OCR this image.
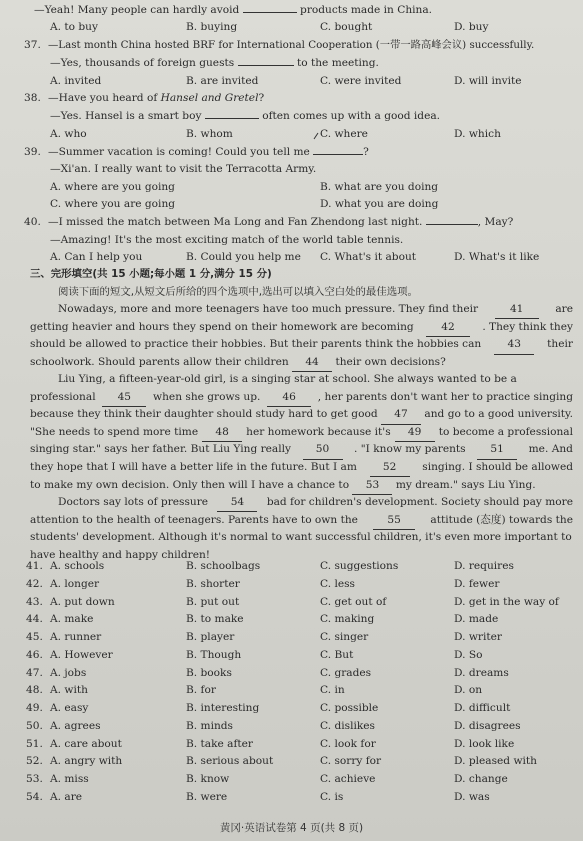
—Yeah! Many people can hardly avoid	products made in China.
A. to buy	B. buying	C. bought	D. buy
37. —Last month China hosted BRF for International Cooperation (一带一路高峰会议) successfully.
—Yes, thousands of foreign guests	to the meeting.
A. invited	B. are invited	C. were invited	D. will invite
38. —Have you heard of Hansel and Gretel?
—Yes. Hansel is a smart boy	often comes up with a good idea.
A. who	B. whom	C. where	D. which
39. —Summer vacation is coming! Could you tell me	?
—Xi'an. I really want to visit the Terracotta Army.
A. where are you going	B. what are you doing
C. where you are going	D. what you are doing
40. —I missed the match between Ma Long and Fan Zhendong last night.	, May?
—Amazing! It's the most exciting match of the world table tennis.
A. Can I help you	B. Could you help me C. What's it about	D. What's it like
三、完形填空(共 15 小题;每小题 1 分,满分 15 分)
阅读下面的短文,从短文后所给的四个选项中,选出可以填入空白处的最佳选项。
Nowadays, more and more teenagers have too much pressure. They find their	41	are
getting heavier and hours they spend on their homework are becoming	42	. They think they
should be allowed to practice their hobbies. But their parents think the hobbies can	43	their
schoolwork. Should parents allow their children 44 their own decisions?
Liu Ying, a fifteen-year-old girl, is a singing star at school. She always wanted to be a
professional	45	when she grows up.	46	, her parents don't want her to practice singing
because they think their daughter should study hard to get good	47	and go to a good university.
"She needs to spend more time	48	her homework because it's	49	to become a professional
singing star." says her father. But Liu Ying really	50	. "I know my parents	51	me. And
they hope that I will have a better life in the future. But I am	52	singing. I should be allowed
to make my own decision. Only then will I have a chance to 53 my dream." says Liu Ying.
Doctors say lots of pressure	54	bad for children's development. Society should pay more
attention to the health of teenagers. Parents have to own the	55	attitude (态度) towards the
students' development. Although it's normal to want successful children, it's even more important to
have healthy and happy children!
41. A. schools	B. schoolbags	C. suggestions	D. requires
42. A. longer	B. shorter	C. less	D. fewer
43. A. put down	B. put out	C. get out of	D. get in the way of
44. A. make	B. to make	C. making	D. made
45. A. runner	B. player	C. singer	D. writer
46. A. However	B. Though	C. But	D. So
47. A. jobs	B. books	C. grades	D. dreams
48. A. with	B. for	C. in	D. on
49. A. easy	B. interesting	C. possible	D. difficult
50. A. agrees	B. minds	C. dislikes	D. disagrees
51. A. care about	B. take after	C. look for	D. look like
52. A. angry with	B. serious about	C. sorry for	D. pleased with
53. A. miss	B. know	C. achieve	D. change
54. A. are	B. were	C. is	D. was
黄冈·英语试卷第 4 页(共 8 页)
